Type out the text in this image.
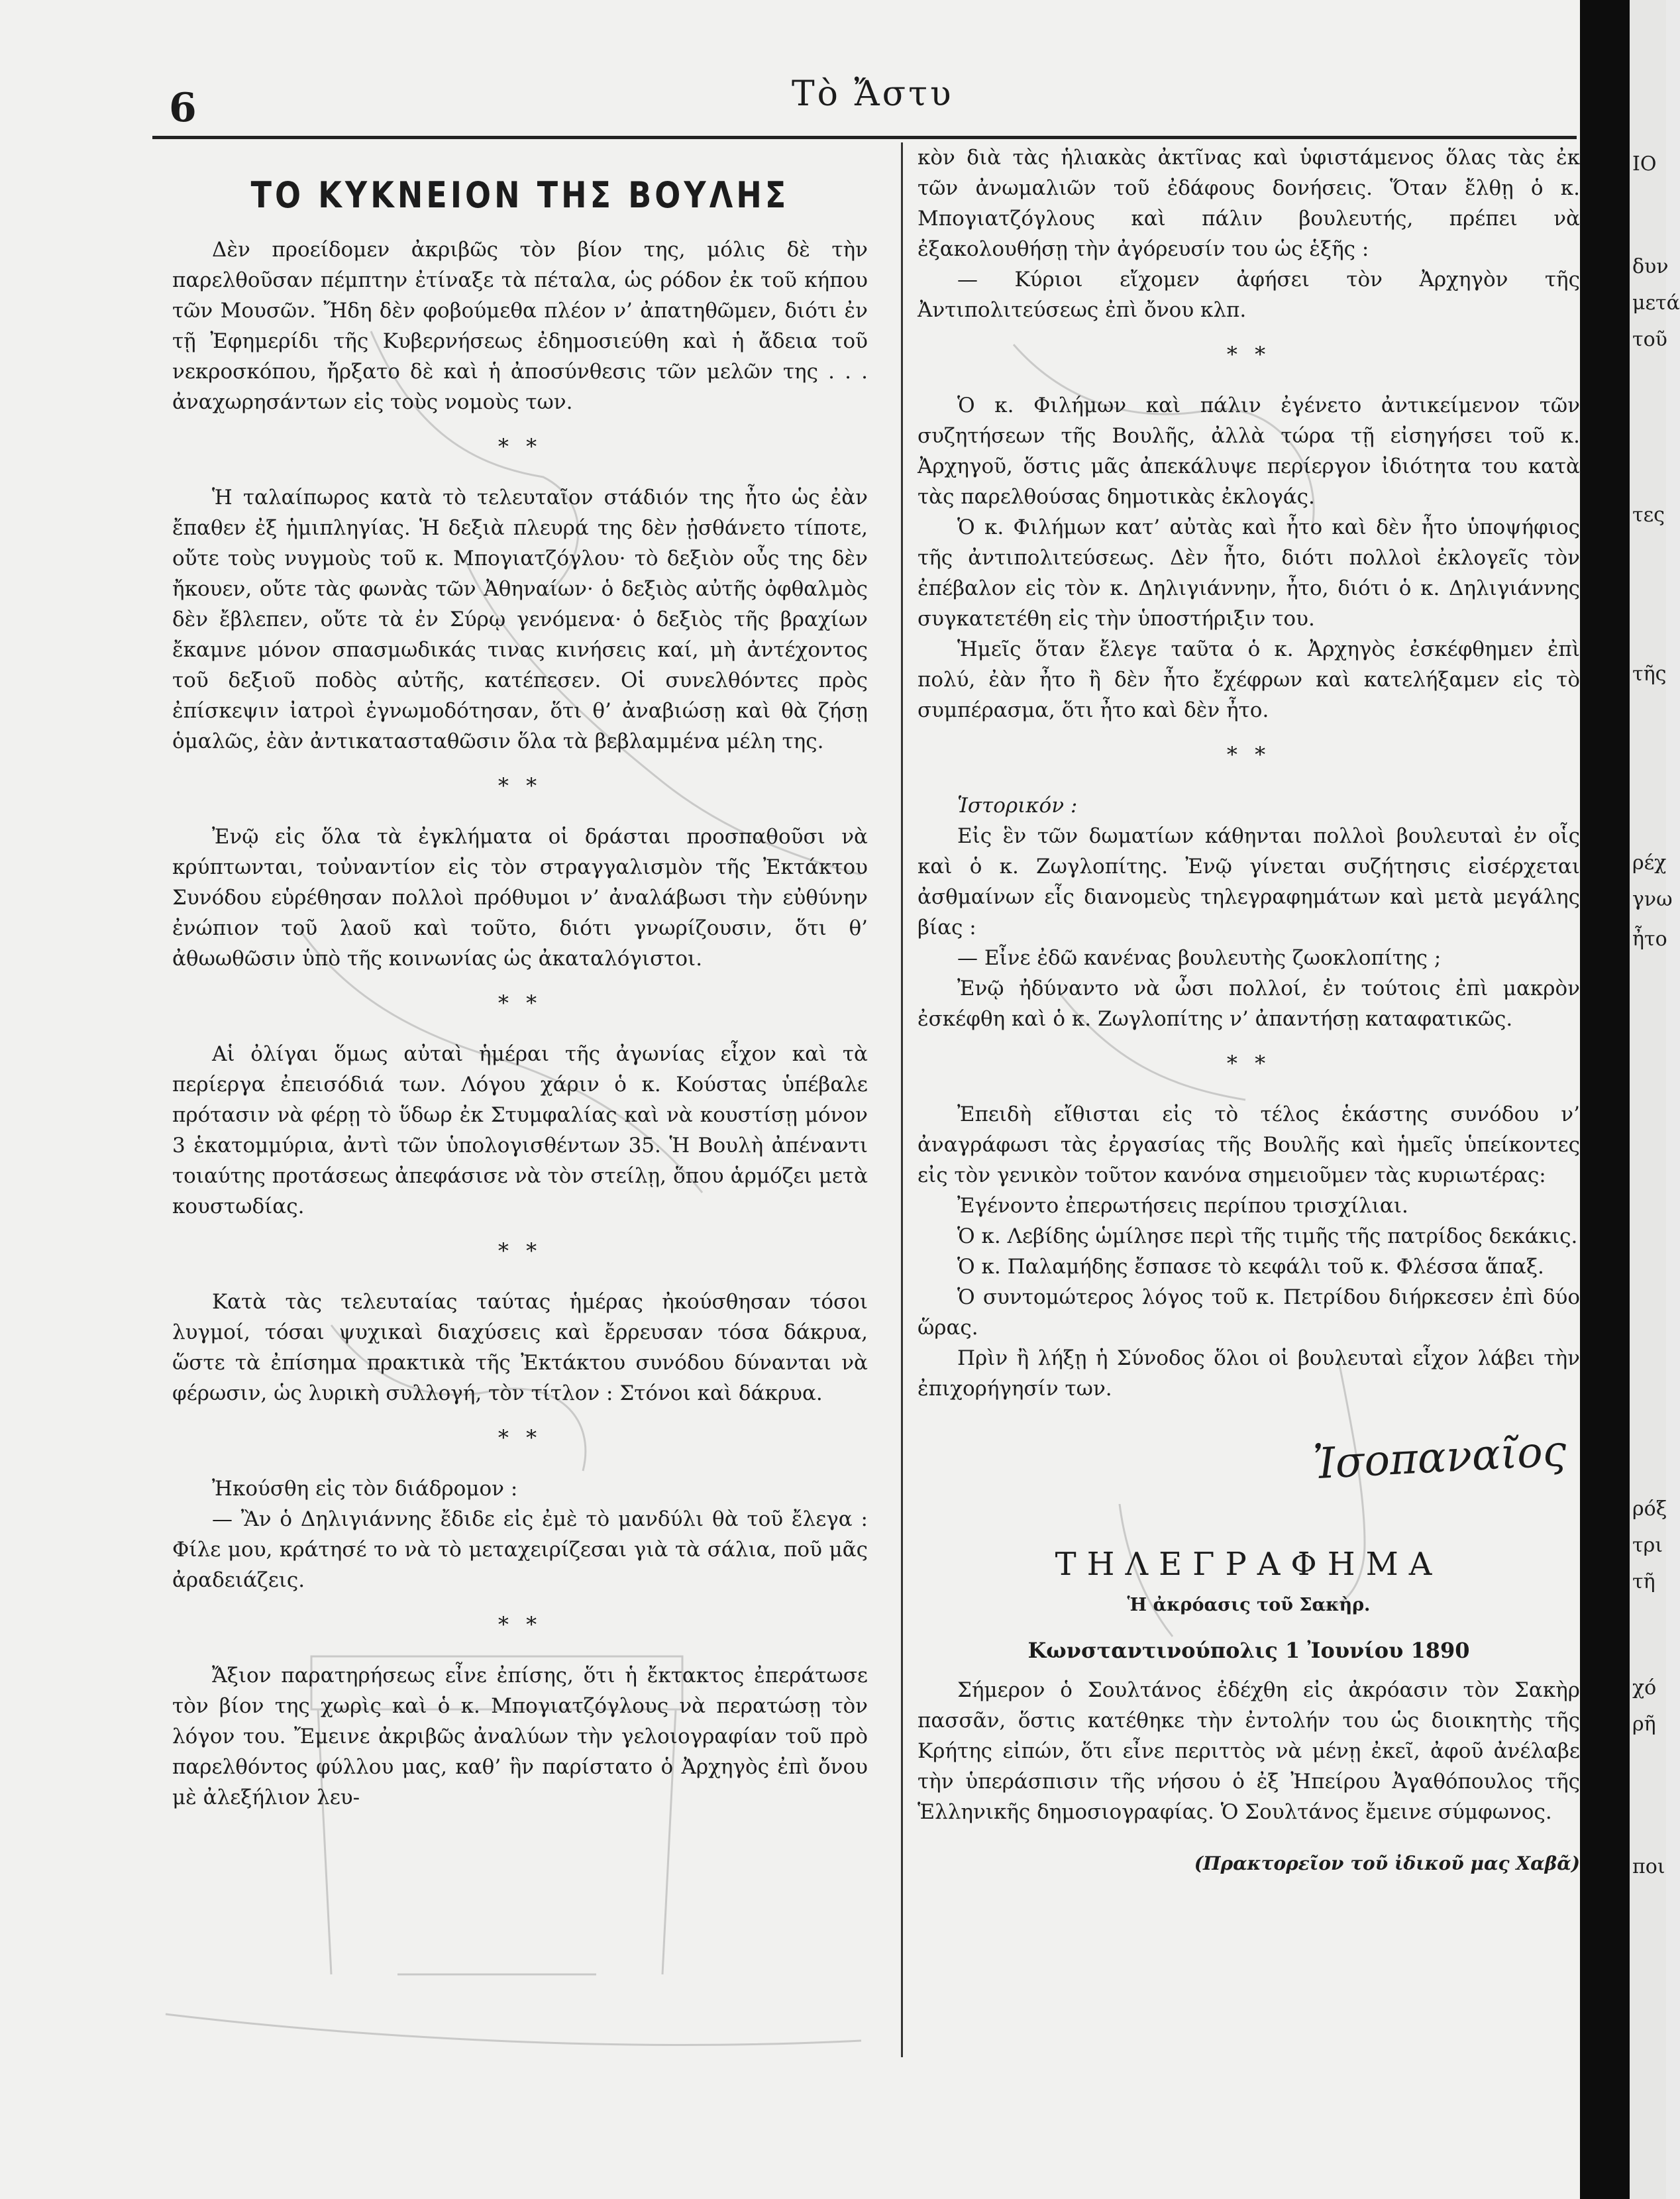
6	Τὸ Ἄστυ
ΤΟ ΚΥΚΝΕΙΟΝ ΤΗΣ ΒΟΥΛΗΣ

Δὲν προείδομεν ἀκριβῶς τὸν βίον της, μόλις δὲ τὴν παρελθοῦσαν πέμπτην ἐτίναξε τὰ πέταλα, ὡς ρόδον ἐκ τοῦ κήπου τῶν Μουσῶν. Ἤδη δὲν φοβούμεθα πλέον ν’ ἀπατηθῶμεν, διότι ἐν τῇ Ἐφημερίδι τῆς Κυβερνήσεως ἐδημοσιεύθη καὶ ἡ ἄδεια τοῦ νεκροσκόπου, ἤρξατο δὲ καὶ ἡ ἀποσύνθεσις τῶν μελῶν της . . . ἀναχωρησάντων εἰς τοὺς νομοὺς των.

* *

Ἡ ταλαίπωρος κατὰ τὸ τελευταῖον στάδιόν της ἦτο ὡς ἐὰν ἔπαθεν ἐξ ἡμιπληγίας. Ἡ δεξιὰ πλευρά της δὲν ᾐσθάνετο τίποτε, οὔτε τοὺς νυγμοὺς τοῦ κ. Μπογιατζόγλου· τὸ δεξιὸν οὖς της δὲν ἤκουεν, οὔτε τὰς φωνὰς τῶν Ἀθηναίων· ὁ δεξιὸς αὐτῆς ὀφθαλμὸς δὲν ἔβλεπεν, οὔτε τὰ ἐν Σύρῳ γενόμενα· ὁ δεξιὸς τῆς βραχίων ἔκαμνε μόνον σπασμωδικάς τινας κινήσεις καί, μὴ ἀντέχοντος τοῦ δεξιοῦ ποδὸς αὐτῆς, κατέπεσεν. Οἱ συνελθόντες πρὸς ἐπίσκεψιν ἰατροὶ ἐγνωμοδότησαν, ὅτι θ’ ἀναβιώσῃ καὶ θὰ ζήσῃ ὁμαλῶς, ἐὰν ἀντικατασταθῶσιν ὅλα τὰ βεβλαμμένα μέλη της.

* *

Ἐνῷ εἰς ὅλα τὰ ἐγκλήματα οἱ δράσται προσπαθοῦσι νὰ κρύπτωνται, τοὐναντίον εἰς τὸν στραγγαλισμὸν τῆς Ἐκτάκτου Συνόδου εὑρέθησαν πολλοὶ πρόθυμοι ν’ ἀναλάβωσι τὴν εὐθύνην ἐνώπιον τοῦ λαοῦ καὶ τοῦτο, διότι γνωρίζουσιν, ὅτι θ’ ἀθωωθῶσιν ὑπὸ τῆς κοινωνίας ὡς ἀκαταλόγιστοι.

* *

Αἱ ὀλίγαι ὅμως αὐταὶ ἡμέραι τῆς ἀγωνίας εἶχον καὶ τὰ περίεργα ἐπεισόδιά των. Λόγου χάριν ὁ κ. Κούστας ὑπέβαλε πρότασιν νὰ φέρῃ τὸ ὕδωρ ἐκ Στυμφαλίας καὶ νὰ κουστίσῃ μόνον 3 ἑκατομμύρια, ἀντὶ τῶν ὑπολογισθέντων 35. Ἡ Βουλὴ ἀπέναντι τοιαύτης προτάσεως ἀπεφάσισε νὰ τὸν στείλῃ, ὅπου ἁρμόζει μετὰ κουστωδίας.

* *

Κατὰ τὰς τελευταίας ταύτας ἡμέρας ἠκούσθησαν τόσοι λυγμοί, τόσαι ψυχικαὶ διαχύσεις καὶ ἔρρευσαν τόσα δάκρυα, ὥστε τὰ ἐπίσημα πρακτικὰ τῆς Ἐκτάκτου συνόδου δύνανται νὰ φέρωσιν, ὡς λυρικὴ συλλογή, τὸν τίτλον : Στόνοι καὶ δάκρυα.

* *

Ἠκούσθη εἰς τὸν διάδρομον :

— Ἂν ὁ Δηλιγιάννης ἔδιδε εἰς ἐμὲ τὸ μανδύλι θὰ τοῦ ἔλεγα : Φίλε μου, κράτησέ το νὰ τὸ μεταχειρίζεσαι γιὰ τὰ σάλια, ποῦ μᾶς ἀραδειάζεις.

* *

Ἄξιον παρατηρήσεως εἶνε ἐπίσης, ὅτι ἡ ἔκτακτος ἐπεράτωσε τὸν βίον της χωρὶς καὶ ὁ κ. Μπογιατζόγλους νὰ περατώσῃ τὸν λόγον του. Ἔμεινε ἀκριβῶς ἀναλύων τὴν γελοιογραφίαν τοῦ πρὸ παρελθόντος φύλλου μας, καθ’ ἣν παρίστατο ὁ Ἀρχηγὸς ἐπὶ ὄνου μὲ ἀλεξήλιον λευ-

κὸν διὰ τὰς ἡλιακὰς ἀκτῖνας καὶ ὑφιστάμενος ὅλας τὰς ἐκ τῶν ἀνωμαλιῶν τοῦ ἐδάφους δονήσεις. Ὅταν ἔλθῃ ὁ κ. Μπογιατζόγλους καὶ πάλιν βουλευτής, πρέπει νὰ ἐξακολουθήσῃ τὴν ἀγόρευσίν του ὡς ἑξῆς :

— Κύριοι εἴχομεν ἀφήσει τὸν Ἀρχηγὸν τῆς Ἀντιπολιτεύσεως ἐπὶ ὄνου κλπ.

* *

Ὁ κ. Φιλήμων καὶ πάλιν ἐγένετο ἀντικείμενον τῶν συζητήσεων τῆς Βουλῆς, ἀλλὰ τώρα τῇ εἰσηγήσει τοῦ κ. Ἀρχηγοῦ, ὅστις μᾶς ἀπεκάλυψε περίεργον ἰδιότητα του κατὰ τὰς παρελθούσας δημοτικὰς ἐκλογάς.

Ὁ κ. Φιλήμων κατ’ αὐτὰς καὶ ἦτο καὶ δὲν ἦτο ὑποψήφιος τῆς ἀντιπολιτεύσεως. Δὲν ἦτο, διότι πολλοὶ ἐκλογεῖς τὸν ἐπέβαλον εἰς τὸν κ. Δηλιγιάννην, ἦτο, διότι ὁ κ. Δηλιγιάννης συγκατετέθη εἰς τὴν ὑποστήριξιν του.

Ἡμεῖς ὅταν ἔλεγε ταῦτα ὁ κ. Ἀρχηγὸς ἐσκέφθημεν ἐπὶ πολύ, ἐὰν ἦτο ἢ δὲν ἦτο ἔχέφρων καὶ κατελήξαμεν εἰς τὸ συμπέρασμα, ὅτι ἦτο καὶ δὲν ἦτο.

* *

Ἱστορικόν :

Εἰς ἓν τῶν δωματίων κάθηνται πολλοὶ βουλευταὶ ἐν οἷς καὶ ὁ κ. Ζωγλοπίτης. Ἐνῷ γίνεται συζήτησις εἰσέρχεται ἀσθμαίνων εἷς διανομεὺς τηλεγραφημάτων καὶ μετὰ μεγάλης βίας :

— Εἶνε ἐδῶ κανένας βουλευτὴς ζωοκλοπίτης ;

Ἐνῷ ἠδύναντο νὰ ὦσι πολλοί, ἐν τούτοις ἐπὶ μακρὸν ἐσκέφθη καὶ ὁ κ. Ζωγλοπίτης ν’ ἀπαντήσῃ καταφατικῶς.

* *

Ἐπειδὴ εἴθισται εἰς τὸ τέλος ἑκάστης συνόδου ν’ ἀναγράφωσι τὰς ἐργασίας τῆς Βουλῆς καὶ ἡμεῖς ὑπείκοντες εἰς τὸν γενικὸν τοῦτον κανόνα σημειοῦμεν τὰς κυριωτέρας:

Ἐγένοντο ἐπερωτήσεις περίπου τρισχίλιαι.

Ὁ κ. Λεβίδης ὡμίλησε περὶ τῆς τιμῆς τῆς πατρίδος δεκάκις.

Ὁ κ. Παλαμήδης ἔσπασε τὸ κεφάλι τοῦ κ. Φλέσσα ἅπαξ.

Ὁ συντομώτερος λόγος τοῦ κ. Πετρίδου διήρκεσεν ἐπὶ δύο ὥρας.

Πρὶν ἢ λήξῃ ἡ Σύνοδος ὅλοι οἱ βουλευταὶ εἶχον λάβει τὴν ἐπιχορήγησίν των.

Ἰσοπαναῖος
ΤΗΛΕΓΡΑΦΗΜΑ
Ἡ ἀκρόασις τοῦ Σακὴρ.
Κωνσταντινούπολις 1 Ἰουνίου 1890

Σήμερον ὁ Σουλτάνος ἐδέχθη εἰς ἀκρόασιν τὸν Σακὴρ πασσᾶν, ὅστις κατέθηκε τὴν ἐντολήν του ὡς διοικητὴς τῆς Κρήτης εἰπών, ὅτι εἶνε περιττὸς νὰ μένῃ ἐκεῖ, ἀφοῦ ἀνέλαβε τὴν ὑπεράσπισιν τῆς νήσου ὁ ἐξ Ἠπείρου Ἀγαθόπουλος τῆς Ἑλληνικῆς δημοσιογραφίας. Ὁ Σουλτάνος ἔμεινε σύμφωνος.

(Πρακτορεῖον τοῦ ἰδικοῦ μας Χαβᾶ)
ΙΟ
δυν
μετά
τοῦ
τες
τῆς
ρέχ
γνω
ἦτο
ρόξ
τρι
τῆ
χό
ρῆ
ποι
